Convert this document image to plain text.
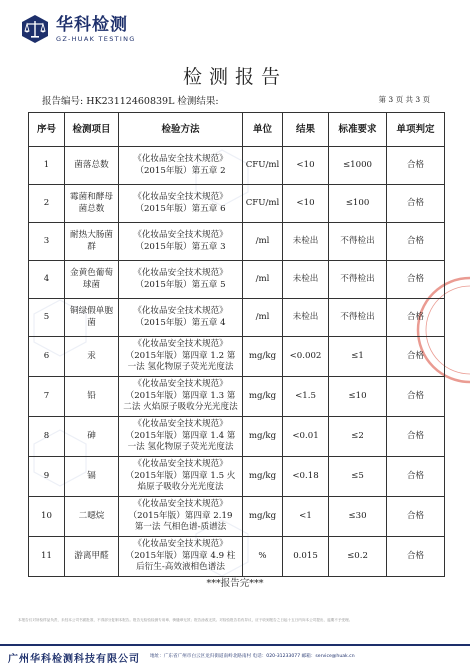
华科检测
GZ-HUAK TESTING
检测报告
报告编号: HK23112460839L 检测结果:	第 3 页 共 3 页
序号	检测项目	检验方法	单位	结果	标准要求	单项判定
1	菌落总数	《化妆品安全技术规范》（2015年版）第五章 2	CFU/ml	<10	≤1000	合格
2	霉菌和酵母菌总数	《化妆品安全技术规范》（2015年版）第五章 6	CFU/ml	<10	≤100	合格
3	耐热大肠菌群	《化妆品安全技术规范》（2015年版）第五章 3	/ml	未检出	不得检出	合格
4	金黄色葡萄球菌	《化妆品安全技术规范》（2015年版）第五章 5	/ml	未检出	不得检出	合格
5	铜绿假单胞菌	《化妆品安全技术规范》（2015年版）第五章 4	/ml	未检出	不得检出	合格
6	汞	《化妆品安全技术规范》（2015年版）第四章 1.2 第一法 氢化物原子荧光光度法	mg/kg	<0.002	≤1	合格
7	铅	《化妆品安全技术规范》（2015年版）第四章 1.3 第二法 火焰原子吸收分光光度法	mg/kg	<1.5	≤10	合格
8	砷	《化妆品安全技术规范》（2015年版）第四章 1.4 第一法 氢化物原子荧光光度法	mg/kg	<0.01	≤2	合格
9	镉	《化妆品安全技术规范》（2015年版）第四章 1.5 火焰原子吸收分光光度法	mg/kg	<0.18	≤5	合格
10	二噁烷	《化妆品安全技术规范》（2015年版）第四章 2.19 第一法 气相色谱-质谱法	mg/kg	<1	≤30	合格
11	游离甲醛	《化妆品安全技术规范》（2015年版）第四章 4.9 柱后衍生-高效液相色谱法	%	0.015	≤0.2	合格
***报告完***
本报告仅对所检样品负责，未经本公司书面批准，不得部分复制本报告。报告无检验检测专用章、骑缝章无效；报告涂改无效。对检验报告若有异议，应于收到报告之日起十五日内向本公司提出，逾期不予受理。
广州华科检测科技有限公司 地址：广东省广州市白云区龙归街道南岭北路南村 电话：020-31233077 邮箱：service@huak.cn
